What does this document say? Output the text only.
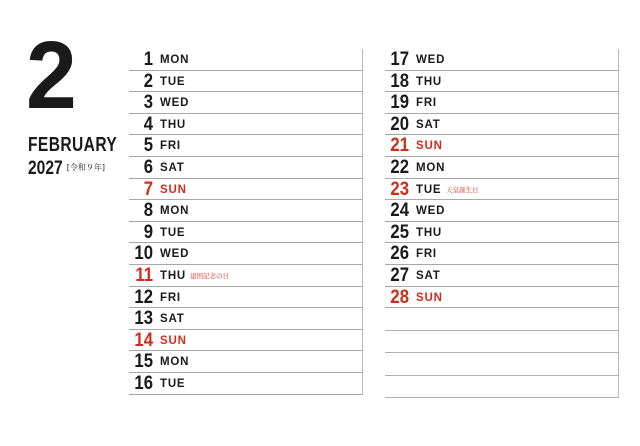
2
FEBRUARY
2027 [令和９年]
1 MON
2 TUE
3 WED
4 THU
5 FRI
6 SAT
7 SUN
8 MON
9 TUE
10 WED
11 THU 建国記念の日
12 FRI
13 SAT
14 SUN
15 MON
16 TUE
17 WED
18 THU
19 FRI
20 SAT
21 SUN
22 MON
23 TUE 天皇誕生日
24 WED
25 THU
26 FRI
27 SAT
28 SUN
